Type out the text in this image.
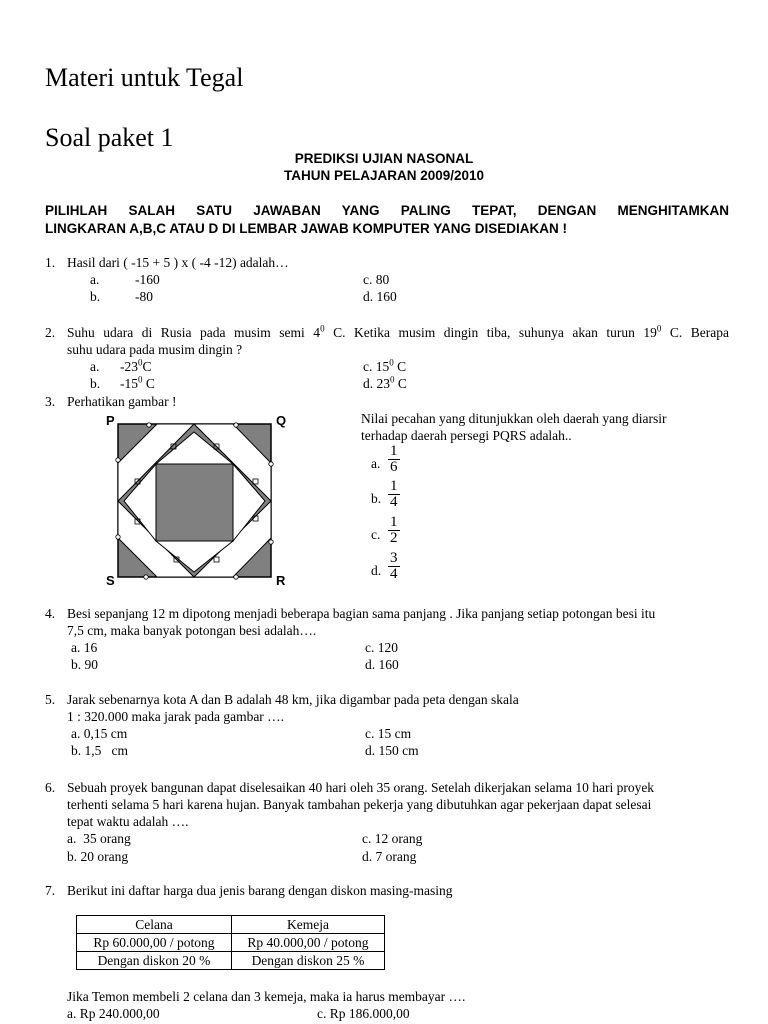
Materi untuk Tegal
Soal paket 1
PREDIKSI UJIAN NASONAL
TAHUN PELAJARAN 2009/2010
PILIHLAH SALAH SATU JAWABAN YANG PALING TEPAT, DENGAN MENGHITAMKAN
LINGKARAN A,B,C ATAU D DI LEMBAR JAWAB KOMPUTER YANG DISEDIAKAN !
1. Hasil dari ( -15 + 5 ) x ( -4 -12) adalah…
a.	-160
b.	-80
c. 80
d. 160
2. Suhu udara di Rusia pada musim semi $4^0$ C. Ketika musim dingin tiba, suhunya akan turun $19^0$ C. Berapa
suhu udara pada musim dingin ?
a. $-23^0C$
b. $-15^0$ C
c. $15^0$ C
d. $23^0$ C
3. Perhatikan gambar !
P	Q
S	R
Nilai pecahan yang ditunjukkan oleh daerah yang diarsir
terhadap daerah persegi PQRS adalah..
a. $\frac{1}{6}$
b. $\frac{1}{4}$
c. $\frac{1}{2}$
d. $\frac{3}{4}$
4. Besi sepanjang 12 m dipotong menjadi beberapa bagian sama panjang . Jika panjang setiap potongan besi itu
7,5 cm, maka banyak potongan besi adalah….
a. 16
b. 90
c. 120
d. 160
5. Jarak sebenarnya kota A dan B adalah 48 km, jika digambar pada peta dengan skala
1 : 320.000 maka jarak pada gambar ….
a. 0,15 cm
b. 1,5   cm
c. 15 cm
d. 150 cm
6. Sebuah proyek bangunan dapat diselesaikan 40 hari oleh 35 orang. Setelah dikerjakan selama 10 hari proyek
terhenti selama 5 hari karena hujan. Banyak tambahan pekerja yang dibutuhkan agar pekerjaan dapat selesai
tepat waktu adalah ….
a.  35 orang
b. 20 orang
c. 12 orang
d. 7 orang
7. Berikut ini daftar harga dua jenis barang dengan diskon masing-masing
Celana	Kemeja
Rp 60.000,00 / potong	Rp 40.000,00 / potong
Dengan diskon 20 %	Dengan diskon 25 %
Jika Temon membeli 2 celana dan 3 kemeja, maka ia harus membayar ….
a. Rp 240.000,00	c. Rp 186.000,00
